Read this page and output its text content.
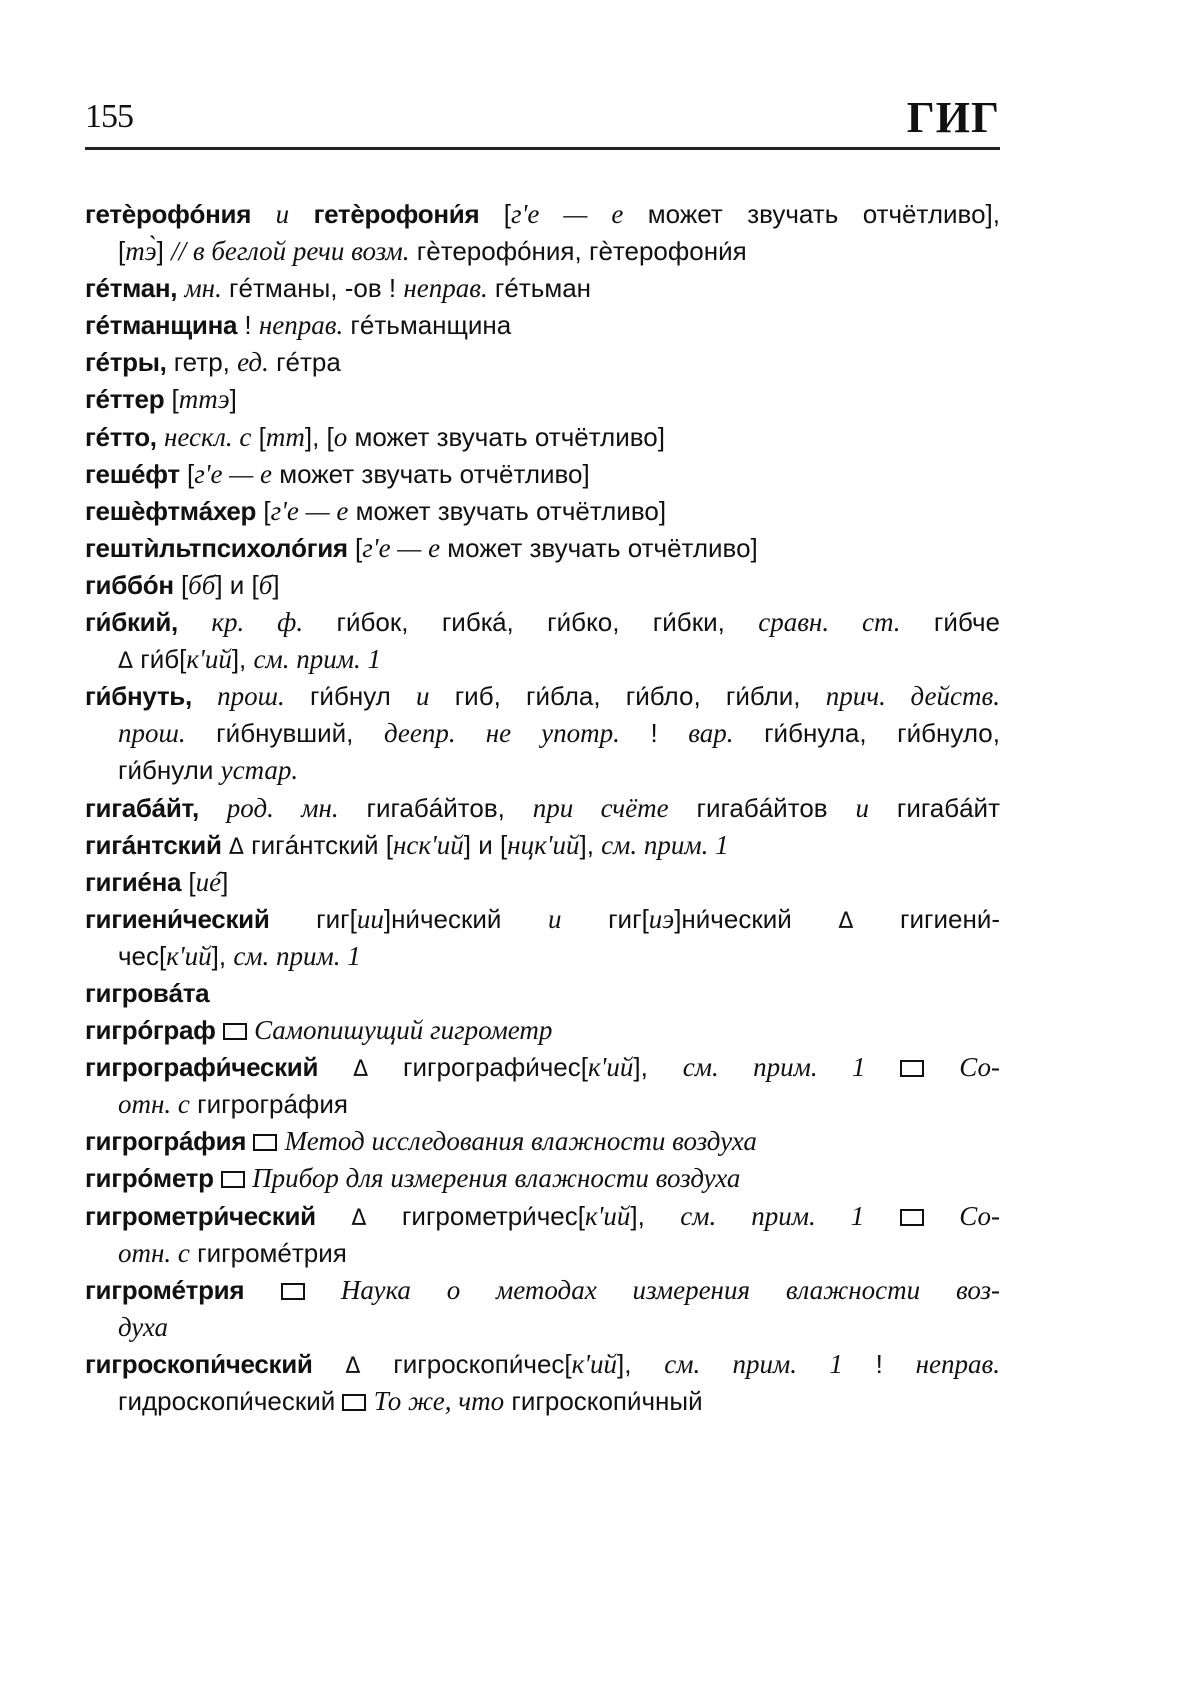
155	ГИГ
гетѐрофóния и гетѐрофони́я [г'е — е может звучать отчётливо],
[тэ̀] // в беглой речи возм. гѐтерофóния, гѐтерофони́я
гéтман, мн. гéтманы, -ов ! неправ. гéтьман
гéтманщина ! неправ. гéтьманщина
гéтры, гетр, ед. гéтра
гéттер [ттэ]
гéтто, нескл. с [тт], [о может звучать отчётливо]
гешéфт [г'е — е может звучать отчётливо]
гешѐфтмáхер [г'е — е может звучать отчётливо]
гештѝльтпсихолóгия [г'е — е может звучать отчётливо]
гиббóн [бб] и [б]
ги́бкий, кр. ф. ги́бок, гибкá, ги́бко, ги́бки, сравн. ст. ги́бче
Δ ги́б[к'ий], см. прим. 1
ги́бнуть, прош. ги́бнул и гиб, ги́бла, ги́бло, ги́бли, прич. действ.
прош. ги́бнувший, деепр. не употр. ! вар. ги́бнула, ги́бнуло,
ги́бнули устар.
гигабáйт, род. мн. гигабáйтов, при счёте гигабáйтов и гигабáйт
гигáнтский Δ гигáнтский [нск'ий] и [нцк'ий], см. прим. 1
гигиéна [иé]
гигиени́ческий гиг[ии]ни́ческий и гиг[иэ]ни́ческий Δ гигиени́-
чес[к'ий], см. прим. 1
гигровáта
гигрóграф Самопишущий гигрометр
гигрографи́ческий Δ гигрографи́чес[к'ий], см. прим. 1	Со-
отн. с гигрогрáфия
гигрогрáфия Метод исследования влажности воздуха
гигрóметр Прибор для измерения влажности воздуха
гигрометри́ческий Δ гигрометри́чес[к'ий], см. прим. 1	Со-
отн. с гигромéтрия
гигромéтрия	Наука о методах измерения влажности воз-
духа
гигроскопи́ческий Δ гигроскопи́чес[к'ий], см. прим. 1 ! неправ.
гидроскопи́ческий  То же, что гигроскопи́чный
